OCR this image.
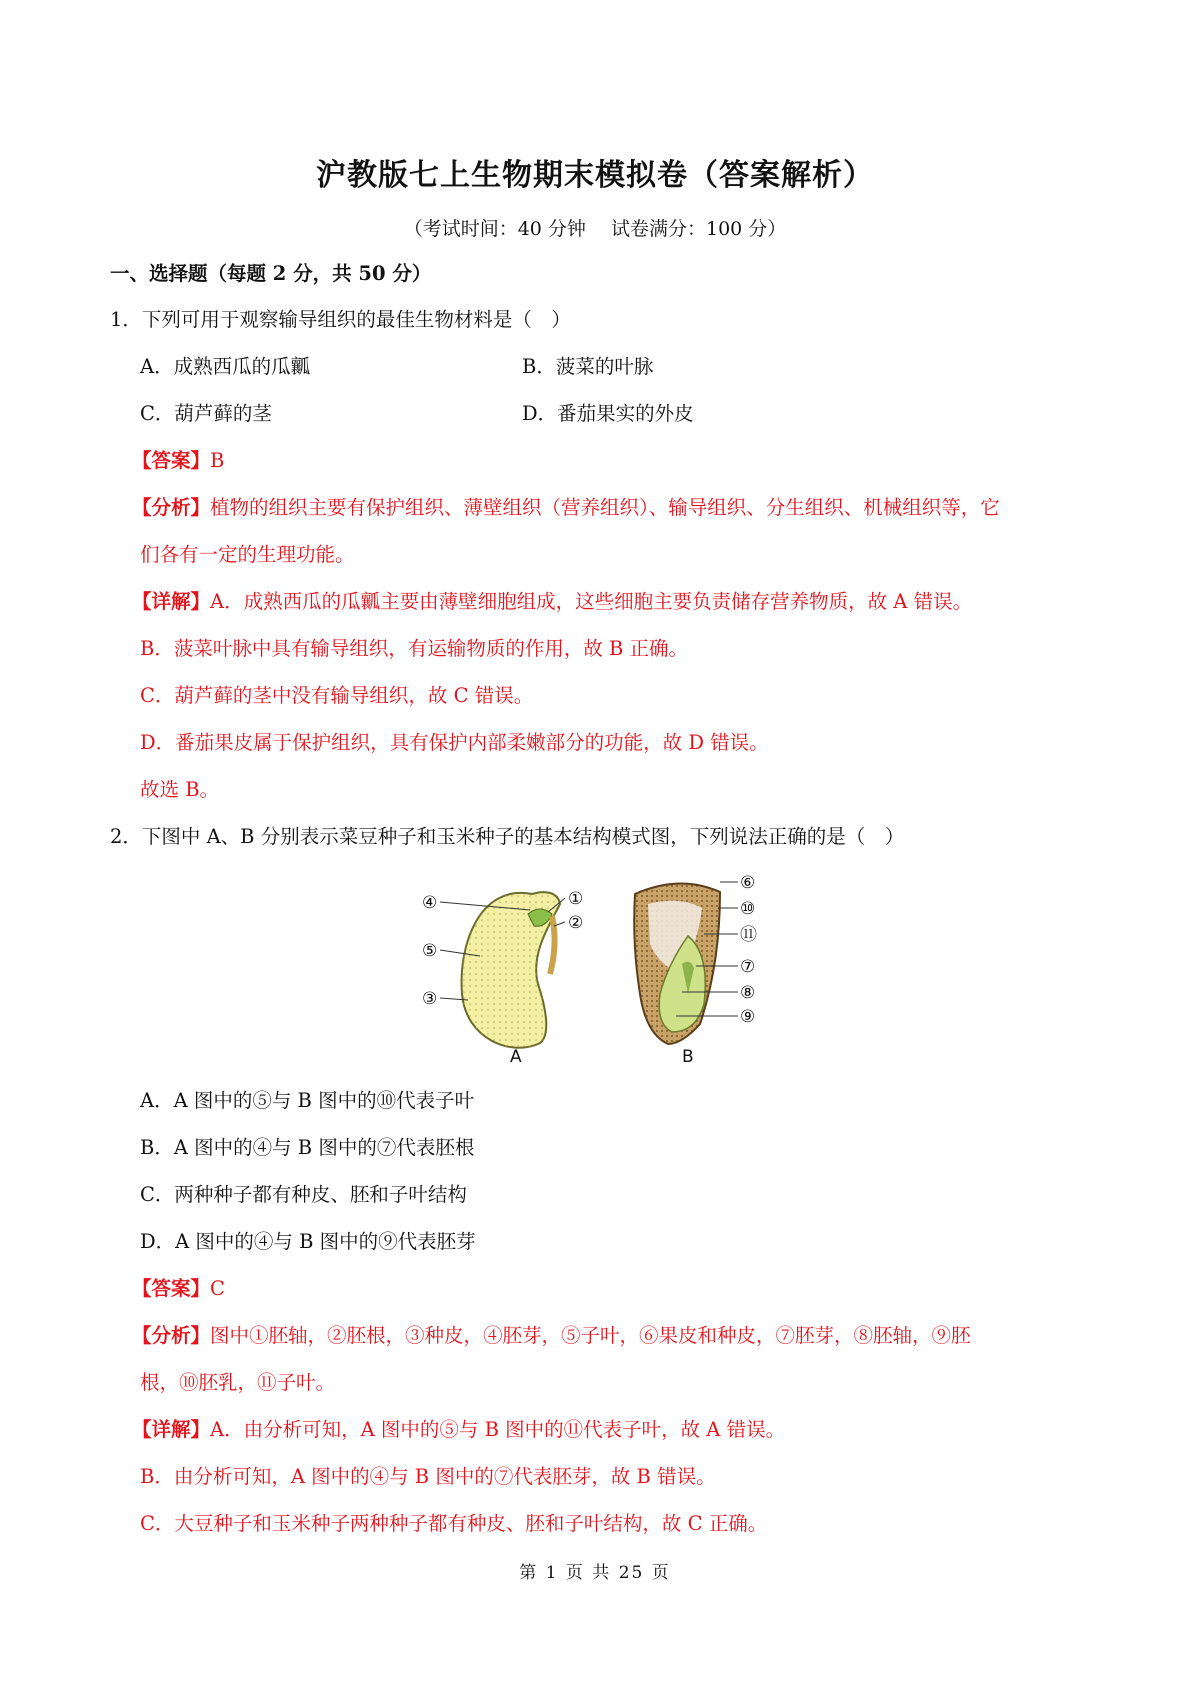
沪教版七上生物期末模拟卷（答案解析）
（考试时间：40 分钟　 试卷满分：100 分）
一、选择题（每题 2 分，共 50 分）
1．下列可用于观察输导组织的最佳生物材料是（　）
A．成熟西瓜的瓜瓤	B．菠菜的叶脉
C．葫芦藓的茎	D．番茄果实的外皮
【答案】B
【分析】植物的组织主要有保护组织、薄壁组织（营养组织）、输导组织、分生组织、机械组织等，它
们各有一定的生理功能。
【详解】A．成熟西瓜的瓜瓤主要由薄壁细胞组成，这些细胞主要负责储存营养物质，故 A 错误。
B．菠菜叶脉中具有输导组织，有运输物质的作用，故 B 正确。
C．葫芦藓的茎中没有输导组织，故 C 错误。
D．番茄果皮属于保护组织，具有保护内部柔嫩部分的功能，故 D 错误。
故选 B。
2．下图中 A、B 分别表示菜豆种子和玉米种子的基本结构模式图，下列说法正确的是（　）
④	①
②
⑤
③
⑥
⑩
⑪
⑦
⑧
⑨
A	B
A．A 图中的⑤与 B 图中的⑩代表子叶
B．A 图中的④与 B 图中的⑦代表胚根
C．两种种子都有种皮、胚和子叶结构
D．A 图中的④与 B 图中的⑨代表胚芽
【答案】C
【分析】图中①胚轴，②胚根，③种皮，④胚芽，⑤子叶，⑥果皮和种皮，⑦胚芽，⑧胚轴，⑨胚
根，⑩胚乳，⑪子叶。
【详解】A．由分析可知，A 图中的⑤与 B 图中的⑪代表子叶，故 A 错误。
B．由分析可知，A 图中的④与 B 图中的⑦代表胚芽，故 B 错误。
C．大豆种子和玉米种子两种种子都有种皮、胚和子叶结构，故 C 正确。
第 1 页 共 25 页
